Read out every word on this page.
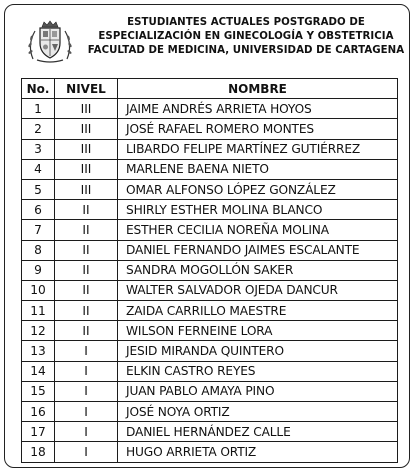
ESTUDIANTES ACTUALES POSTGRADO DE
ESPECIALIZACIÓN EN GINECOLOGÍA Y OBSTETRICIA
FACULTAD DE MEDICINA, UNIVERSIDAD DE CARTAGENA
No.	NIVEL	NOMBRE
1	III	JAIME ANDRÉS ARRIETA HOYOS
2	III	JOSÉ RAFAEL ROMERO MONTES
3	III	LIBARDO FELIPE MARTÍNEZ GUTIÉRREZ
4	III	MARLENE BAENA NIETO
5	III	OMAR ALFONSO LÓPEZ GONZÁLEZ
6	II	SHIRLY ESTHER MOLINA BLANCO
7	II	ESTHER CECILIA NOREÑA MOLINA
8	II	DANIEL FERNANDO JAIMES ESCALANTE
9	II	SANDRA MOGOLLÓN SAKER
10	II	WALTER SALVADOR OJEDA DANCUR
11	II	ZAIDA CARRILLO MAESTRE
12	II	WILSON FERNEINE LORA
13	I	JESID MIRANDA QUINTERO
14	I	ELKIN CASTRO REYES
15	I	JUAN PABLO AMAYA PINO
16	I	JOSÉ NOYA ORTIZ
17	I	DANIEL HERNÁNDEZ CALLE
18	I	HUGO ARRIETA ORTIZ
